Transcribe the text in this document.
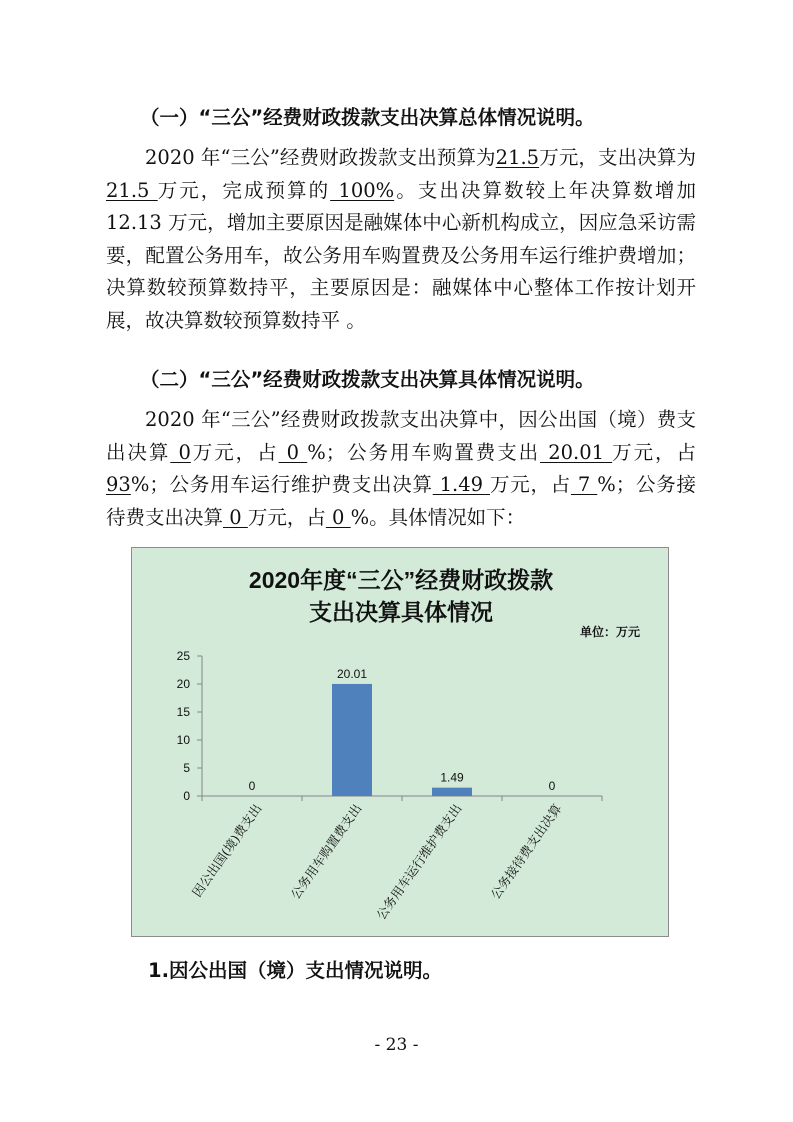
（一）“三公”经费财政拨款支出决算总体情况说明。

2020 年“三公”经费财政拨款支出预算为21.5万元，支出决算为 21.5 万元，完成预算的 100%。支出决算数较上年决算数增加 12.13 万元，增加主要原因是融媒体中心新机构成立，因应急采访需要，配置公务用车，故公务用车购置费及公务用车运行维护费增加；决算数较预算数持平，主要原因是：融媒体中心整体工作按计划开展，故决算数较预算数持平 。

（二）“三公”经费财政拨款支出决算具体情况说明。

2020 年“三公”经费财政拨款支出决算中，因公出国（境）费支出决算 0万元，占 0 %；公务用车购置费支出 20.01 万元，占 93%；公务用车运行维护费支出决算 1.49 万元，占 7 %；公务接待费支出决算 0 万元，占 0 %。具体情况如下：

2020年度“三公”经费财政拨款
支出决算具体情况
单位：万元
0
5
10
15
20
25
0
因公出国(境)费支出
20.01
公务用车购置费支出
1.49
公务用车运行维护费支出
0
公务接待费支出决算

1.因公出国（境）支出情况说明。

- 23 -
